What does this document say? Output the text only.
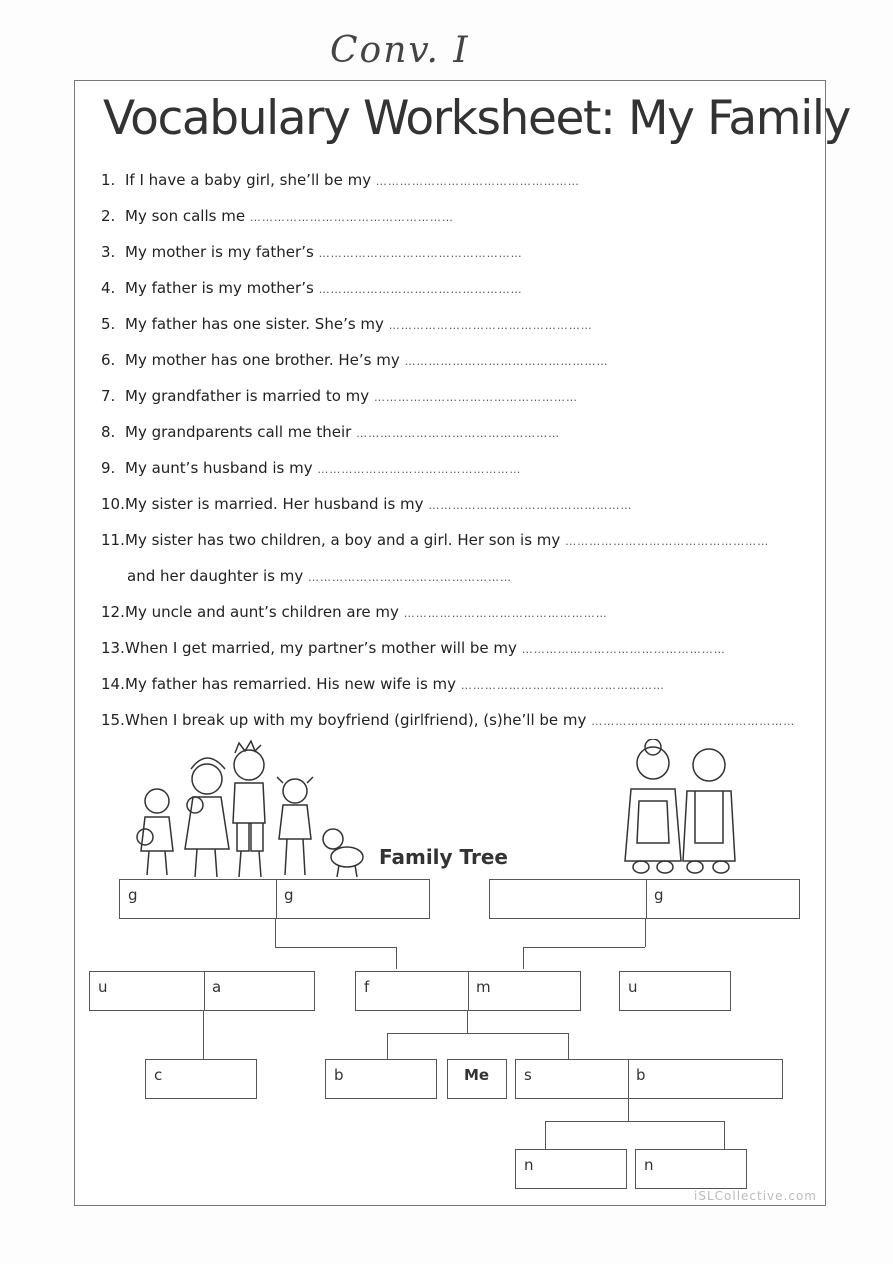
Conv. I
Vocabulary Worksheet: My Family
1. If I have a baby girl, she’ll be my ……………………………………………
2. My son calls me ……………………………………………
3. My mother is my father’s ……………………………………………
4. My father is my mother’s ……………………………………………
5. My father has one sister. She’s my ……………………………………………
6. My mother has one brother. He’s my ……………………………………………
7. My grandfather is married to my ……………………………………………
8. My grandparents call me their ……………………………………………
9. My aunt’s husband is my ……………………………………………
10.My sister is married. Her husband is my ……………………………………………
11.My sister has two children, a boy and a girl. Her son is my ……………………………………………
and her daughter is my ……………………………………………
12.My uncle and aunt’s children are my ……………………………………………
13.When I get married, my partner’s mother will be my ……………………………………………
14.My father has remarried. His new wife is my ……………………………………………
15.When I break up with my boyfriend (girlfriend), (s)he’ll be my ……………………………………………
Family Tree
g	g	g
u	a	f	m	u
c	b	Me	s	b
n	n
iSLCollective.com
